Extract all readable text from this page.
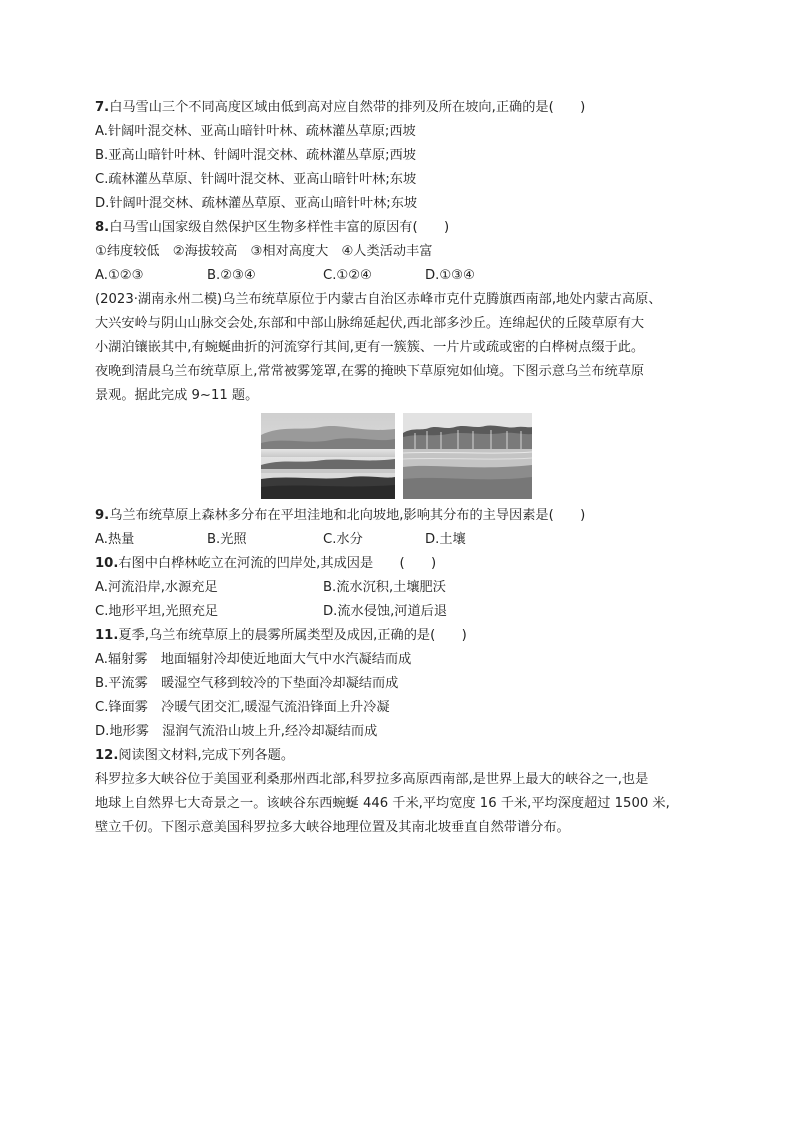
7.白马雪山三个不同高度区域由低到高对应自然带的排列及所在坡向,正确的是(　　)
A.针阔叶混交林、亚高山暗针叶林、疏林灌丛草原;西坡
B.亚高山暗针叶林、针阔叶混交林、疏林灌丛草原;西坡
C.疏林灌丛草原、针阔叶混交林、亚高山暗针叶林;东坡
D.针阔叶混交林、疏林灌丛草原、亚高山暗针叶林;东坡
8.白马雪山国家级自然保护区生物多样性丰富的原因有(　　)
①纬度较低　②海拔较高　③相对高度大　④人类活动丰富
A.①②③	B.②③④	C.①②④	D.①③④
(2023·湖南永州二模)乌兰布统草原位于内蒙古自治区赤峰市克什克腾旗西南部,地处内蒙古高原、
大兴安岭与阴山山脉交会处,东部和中部山脉绵延起伏,西北部多沙丘。连绵起伏的丘陵草原有大
小湖泊镶嵌其中,有蜿蜒曲折的河流穿行其间,更有一簇簇、一片片或疏或密的白桦树点缀于此。
夜晚到清晨乌兰布统草原上,常常被雾笼罩,在雾的掩映下草原宛如仙境。下图示意乌兰布统草原
景观。据此完成 9~11 题。
9.乌兰布统草原上森林多分布在平坦洼地和北向坡地,影响其分布的主导因素是(　　)
A.热量	B.光照	C.水分	D.土壤
10.右图中白桦林屹立在河流的凹岸处,其成因是　　(　　)
A.河流沿岸,水源充足	B.流水沉积,土壤肥沃
C.地形平坦,光照充足	D.流水侵蚀,河道后退
11.夏季,乌兰布统草原上的晨雾所属类型及成因,正确的是(　　)
A.辐射雾　地面辐射冷却使近地面大气中水汽凝结而成
B.平流雾　暖湿空气移到较冷的下垫面冷却凝结而成
C.锋面雾　冷暖气团交汇,暖湿气流沿锋面上升冷凝
D.地形雾　湿润气流沿山坡上升,经冷却凝结而成
12.阅读图文材料,完成下列各题。
科罗拉多大峡谷位于美国亚利桑那州西北部,科罗拉多高原西南部,是世界上最大的峡谷之一,也是
地球上自然界七大奇景之一。该峡谷东西蜿蜒 446 千米,平均宽度 16 千米,平均深度超过 1500 米,
壁立千仞。下图示意美国科罗拉多大峡谷地理位置及其南北坡垂直自然带谱分布。
